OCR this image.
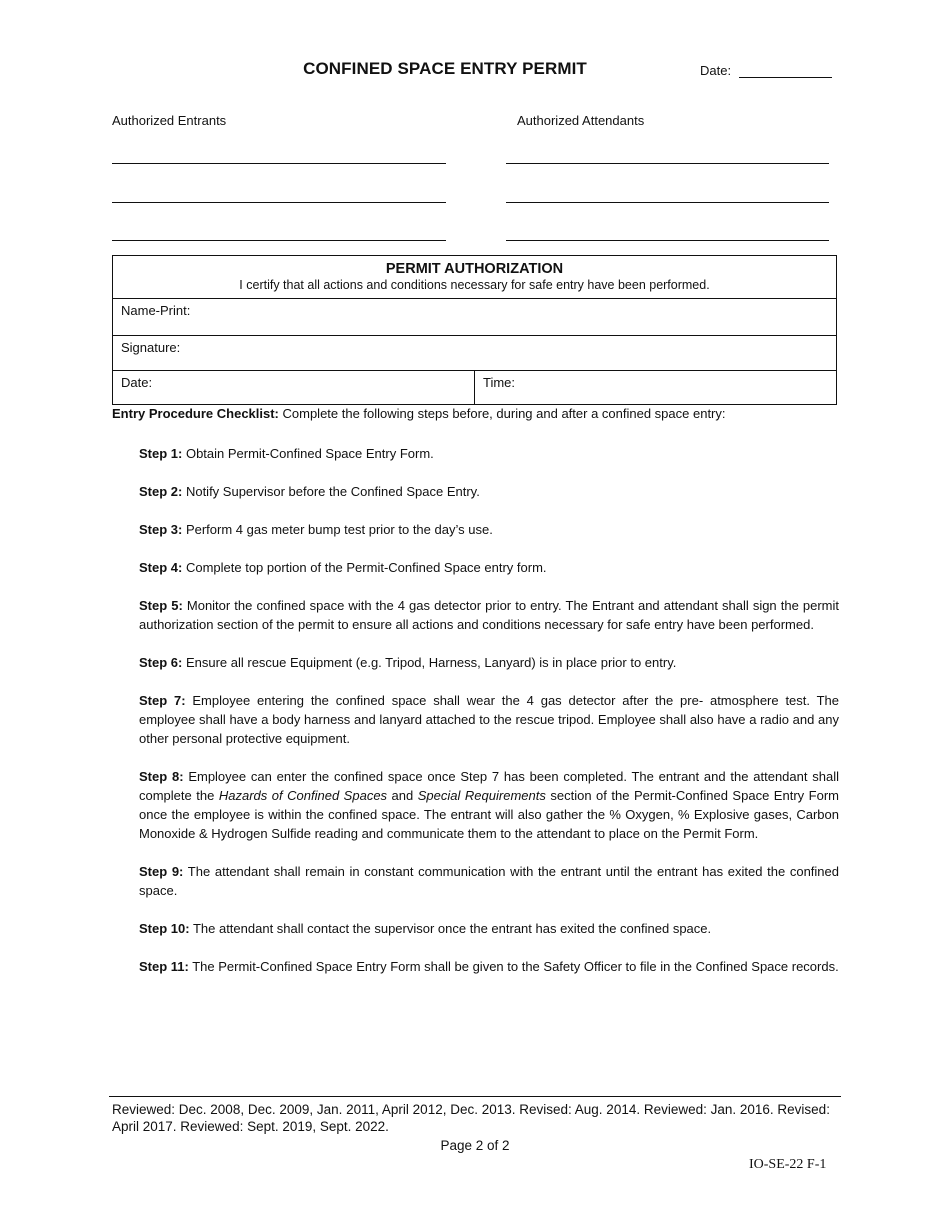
CONFINED SPACE ENTRY PERMIT	Date:
Authorized Entrants	Authorized Attendants
PERMIT AUTHORIZATION
I certify that all actions and conditions necessary for safe entry have been performed.
Name-Print:
Signature:
Date:	Time:
Entry Procedure Checklist: Complete the following steps before, during and after a confined space entry:

Step 1: Obtain Permit-Confined Space Entry Form.

Step 2: Notify Supervisor before the Confined Space Entry.

Step 3: Perform 4 gas meter bump test prior to the day’s use.

Step 4: Complete top portion of the Permit-Confined Space entry form.

Step 5: Monitor the confined space with the 4 gas detector prior to entry. The Entrant and attendant shall sign the permit authorization section of the permit to ensure all actions and conditions necessary for safe entry have been performed.

Step 6: Ensure all rescue Equipment (e.g. Tripod, Harness, Lanyard) is in place prior to entry.

Step 7: Employee entering the confined space shall wear the 4 gas detector after the pre- atmosphere test. The employee shall have a body harness and lanyard attached to the rescue tripod. Employee shall also have a radio and any other personal protective equipment.

Step 8: Employee can enter the confined space once Step 7 has been completed. The entrant and the attendant shall complete the Hazards of Confined Spaces and Special Requirements section of the Permit-Confined Space Entry Form once the employee is within the confined space. The entrant will also gather the % Oxygen, % Explosive gases, Carbon Monoxide & Hydrogen Sulfide reading and communicate them to the attendant to place on the Permit Form.

Step 9: The attendant shall remain in constant communication with the entrant until the entrant has exited the confined space.

Step 10: The attendant shall contact the supervisor once the entrant has exited the confined space.

Step 11: The Permit-Confined Space Entry Form shall be given to the Safety Officer to file in the Confined Space records.

Reviewed: Dec. 2008, Dec. 2009, Jan. 2011, April 2012, Dec. 2013. Revised: Aug. 2014. Reviewed: Jan. 2016. Revised: April 2017. Reviewed: Sept. 2019, Sept. 2022.
Page 2 of 2
IO-SE-22 F-1
